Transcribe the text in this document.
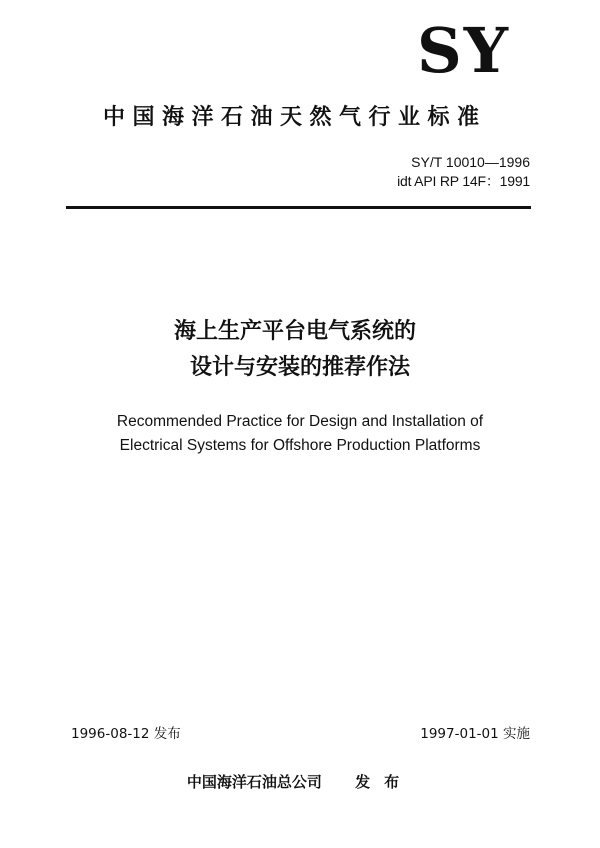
SY
中国海洋石油天然气行业标准
SY/T 10010—1996
idt API RP 14F：1991
海上生产平台电气系统的
设计与安装的推荐作法
Recommended Practice for Design and Installation of
Electrical Systems for Offshore Production Platforms
1996-08-12 发布	1997-01-01 实施
中国海洋石油总公司 发布
